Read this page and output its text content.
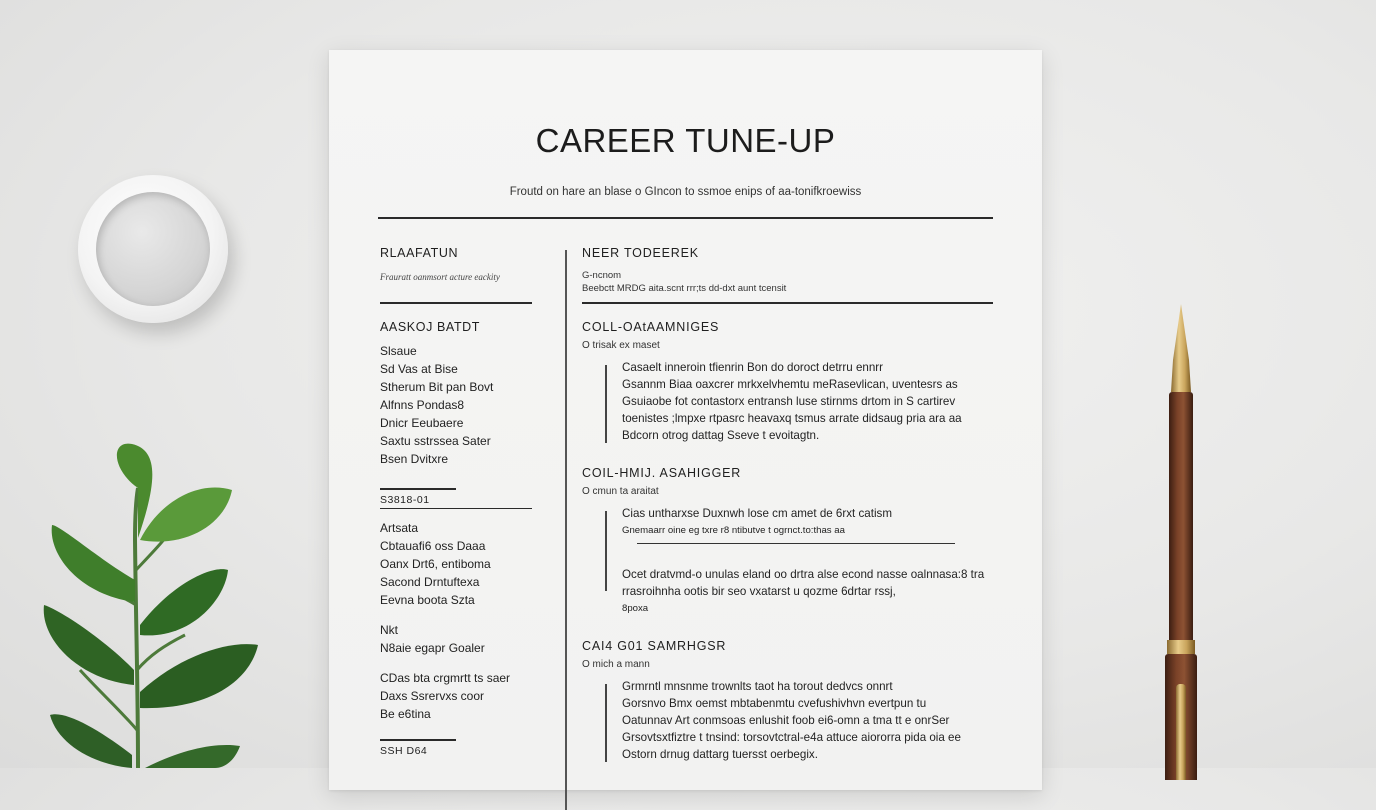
CAREER TUNE-UP
Froutd on hare an blase o GIncon to ssmoe enips of aa-tonifkroewiss
RLAAFATUN
Frauratt oanmsort acture eackity
AASKOJ BATDT
Slsaue
Sd Vas at Bise
Stherum Bit pan Bovt
Alfnns Pondas8
Dnicr Eeubaere
Saxtu sstrssea Sater
Bsen Dvitxre
S3818-01
Artsata
Cbtauafi6 oss Daaa
Oanx Drt6, entiboma
Sacond Drntuftexa
Eevna boota Szta
Nkt
N8aie egapr Goaler
CDas bta crgmrtt ts saer
Daxs Ssrervxs coor
Be e6tina
SSH D64
NEER TODEEREK
G-ncnom
Beebctt MRDG aita.scnt rrr;ts dd-dxt aunt tcensit
COLL-OAtAAMNIGES
O trisak ex maset
Casaelt inneroin tfienrin Bon do doroct detrru ennrr
Gsannm Biaa oaxcrer mrkxelvhemtu meRasevlican, uventesrs as
Gsuiaobe fot contastorx entransh luse stirnms drtom in S cartirev
toenistes ;lmpxe rtpasrc heavaxq tsmus arrate didsaug pria ara aa
Bdcorn otrog dattag Sseve t evoitagtn.
COIL-HMIJ. ASAHIGGER
O cmun ta araitat
Cias untharxse Duxnwh lose cm amet de 6rxt catism
Gnemaarr oine eg txre r8 ntibutve t ogrnct.to:thas aa
Ocet dratvmd-o unulas eland oo drtra alse econd nasse oalnnasa:8 tra
rrasroihnha ootis bir seo vxatarst u qozme 6drtar rssj,
8poxa
CAI4 G01 SAMRHGSR
O mich a mann
Grmrntl mnsnme trownlts taot ha torout dedvcs onnrt
Gorsnvo Bmx oemst mbtabenmtu cvefushivhvn evertpun tu
Oatunnav Art conmsoas enlushit foob ei6-omn a tma tt e onrSer
Grsovtsxtfiztre t tnsind: torsovtctral-e4a attuce aiororra pida oia ee
Ostorn drnug dattarg tuersst oerbegix.
